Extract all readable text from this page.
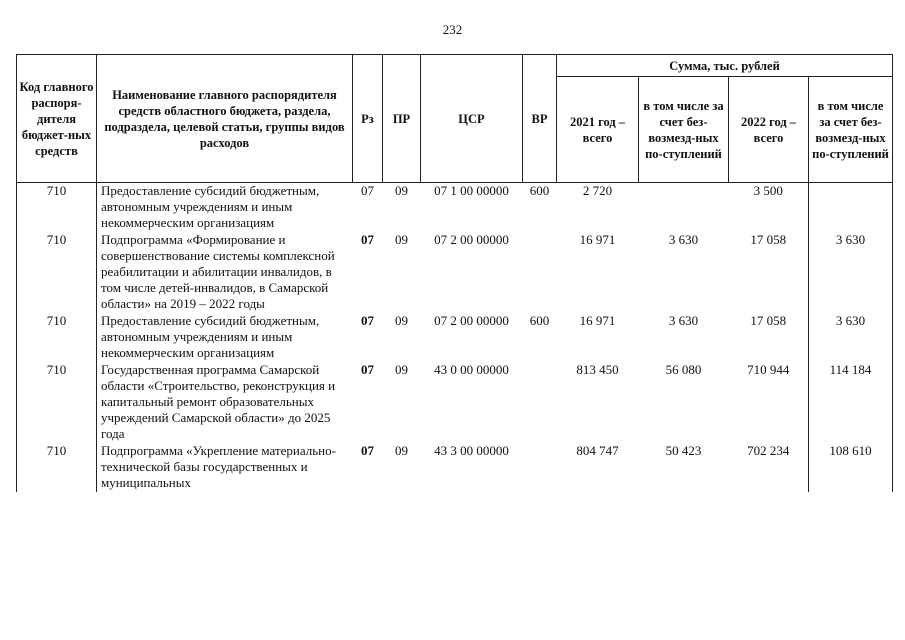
232
Код главного распоря-дителя бюджет-ных средств	Наименование главного распорядителя средств областного бюджета, раздела, подраздела, целевой статьи, группы видов расходов	Рз	ПР	ЦСР	ВР	Сумма, тыс. рублей			
						2021 год – всего	в том числе за счет без-возмезд-ных по-ступлений	2022 год – всего	в том числе за счет без-возмезд-ных по-ступлений
710	Предоставление субсидий бюджетным, автономным учреждениям и иным некоммерческим организациям	07	09	07 1 00 00000	600	2 720		3 500	
710	Подпрограмма «Формирование и совершенствование системы комплексной реабилитации и абилитации инвалидов, в том числе детей-инвалидов, в Самарской области» на 2019 – 2022 годы	07	09	07 2 00 00000		16 971	3 630	17 058	3 630
710	Предоставление субсидий бюджетным, автономным учреждениям и иным некоммерческим организациям	07	09	07 2 00 00000	600	16 971	3 630	17 058	3 630
710	Государственная программа Самарской области «Строительство, реконструкция и капитальный ремонт образовательных учреждений Самарской области» до 2025 года	07	09	43 0 00 00000		813 450	56 080	710 944	114 184
710	Подпрограмма «Укрепление материально-технической базы государственных и муниципальных	07	09	43 3 00 00000		804 747	50 423	702 234	108 610
